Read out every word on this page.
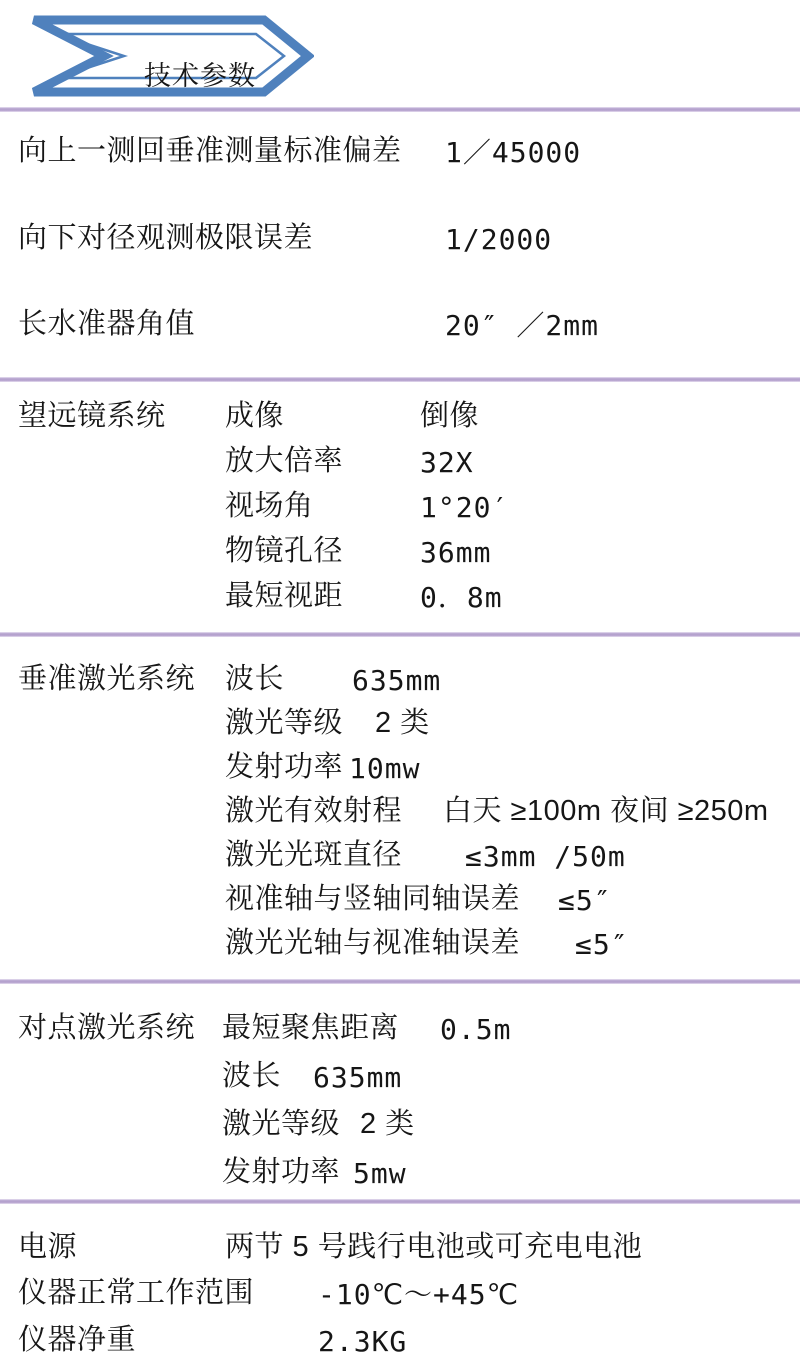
技术参数
向上一测回垂准测量标准偏差 1／45000
向下对径观测极限误差	1/2000
长水准器角值	20″ ／2mm
望远镜系统 成像	倒像
放大倍率	32X
视场角	1°20′
物镜孔径	36mm
最短视距	0．8m
垂准激光系统 波长 635mm
激光等级 2 类
发射功率 10mw
激光有效射程 白天 ≥100m 夜间 ≥250m
激光光斑直径 ≤3mm /50m
视准轴与竖轴同轴误差 ≤5″
激光光轴与视准轴误差 ≤5″
对点激光系统 最短聚焦距离 0.5m
波长 635mm
激光等级 2 类
发射功率 5mw
电源	两节 5 号践行电池或可充电电池
仪器正常工作范围 -10℃～+45℃
仪器净重	2.3KG
